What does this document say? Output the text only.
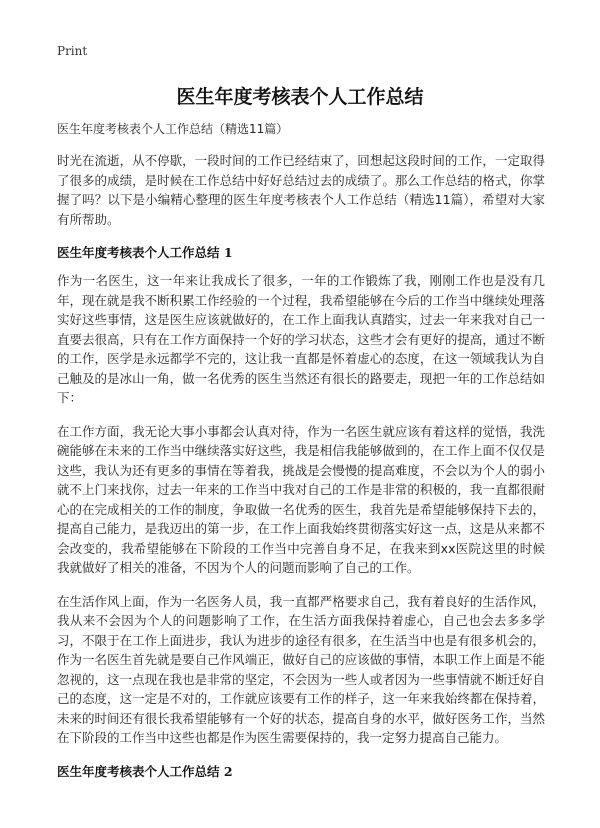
Print
医生年度考核表个人工作总结

医生年度考核表个人工作总结（精选11篇）

时光在流逝，从不停歇，一段时间的工作已经结束了，回想起这段时间的工作，一定取得了很多的成绩，是时候在工作总结中好好总结过去的成绩了。那么工作总结的格式，你掌握了吗？以下是小编精心整理的医生年度考核表个人工作总结（精选11篇），希望对大家有所帮助。

医生年度考核表个人工作总结 1

作为一名医生，这一年来让我成长了很多，一年的工作锻炼了我，刚刚工作也是没有几年，现在就是我不断积累工作经验的一个过程，我希望能够在今后的工作当中继续处理落实好这些事情，这是医生应该就做好的，在工作上面我认真踏实，过去一年来我对自己一直要去很高，只有在工作方面保持一个好的学习状态，这些才会有更好的提高，通过不断的工作，医学是永远都学不完的，这让我一直都是怀着虚心的态度，在这一领域我认为自己触及的是冰山一角，做一名优秀的医生当然还有很长的路要走，现把一年的工作总结如下：

在工作方面，我无论大事小事都会认真对待，作为一名医生就应该有着这样的觉悟，我洗碗能够在未来的工作当中继续落实好这些，我是相信我能够做到的，在工作上面不仅仅是这些，我认为还有更多的事情在等着我，挑战是会慢慢的提高难度，不会以为个人的弱小就不上门来找你，过去一年来的工作当中我对自己的工作是非常的积极的，我一直都很耐心的在完成相关的工作的制度，争取做一名优秀的医生，我首先是希望能够保持下去的，提高自己能力，是我迈出的第一步，在工作上面我始终贯彻落实好这一点，这是从来都不会改变的，我希望能够在下阶段的工作当中完善自身不足，在我来到xx医院这里的时候我就做好了相关的准备，不因为个人的问题而影响了自己的工作。

在生活作风上面，作为一名医务人员，我一直都严格要求自己，我有着良好的生活作风，我从来不会因为个人的问题影响了工作，在生活方面我保持着虚心，自己也会去多多学习，不限于在工作上面进步，我认为进步的途径有很多，在生活当中也是有很多机会的，作为一名医生首先就是要自己作风端正，做好自己的应该做的事情，本职工作上面是不能忽视的，这一点现在我也是非常的坚定，不会因为一些人或者因为一些事情就不断迁好自己的态度，这一定是不对的，工作就应该要有工作的样子，这一年来我始终都在保持着，未来的时间还有很长我希望能够有一个好的状态，提高自身的水平，做好医务工作，当然在下阶段的工作当中这些也都是作为医生需要保持的，我一定努力提高自己能力。

医生年度考核表个人工作总结 2
